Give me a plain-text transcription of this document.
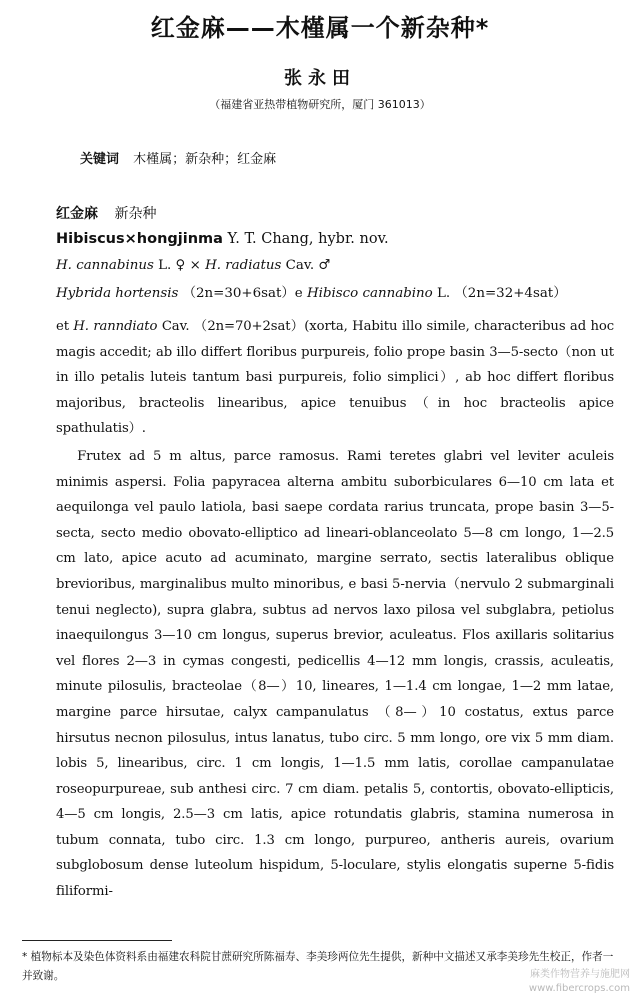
红金麻——木槿属一个新杂种*
张永田
（福建省亚热带植物研究所，厦门 361013）
关键词 木槿属；新杂种；红金麻
红金麻 新杂种
Hibiscus×hongjinma Y. T. Chang, hybr. nov.
H. cannabinus L. ♀ × H. radiatus Cav. ♂
Hybrida hortensis （2n=30+6sat）e Hibisco cannabino L. （2n=32+4sat）

et H. ranndiato Cav. （2n=70+2sat）(xorta, Habitu illo simile, characteribus ad hoc magis accedit; ab illo differt floribus purpureis, folio prope basin 3—5-secto（non ut in illo petalis luteis tantum basi purpureis, folio simplici）, ab hoc differt floribus majoribus, bracteolis linearibus, apice tenuibus（in hoc bracteolis apice spathulatis）.

Frutex ad 5 m altus, parce ramosus. Rami teretes glabri vel leviter aculeis minimis aspersi. Folia papyracea alterna ambitu suborbiculares 6—10 cm lata et aequilonga vel paulo latiola, basi saepe cordata rarius truncata, prope basin 3—5-secta, secto medio obovato-elliptico ad lineari-oblanceolato 5—8 cm longo, 1—2.5 cm lato, apice acuto ad acuminato, margine serrato, sectis lateralibus oblique brevioribus, marginalibus multo minoribus, e basi 5-nervia（nervulo 2 submarginali tenui neglecto), supra glabra, subtus ad nervos laxo pilosa vel subglabra, petiolus inaequilongus 3—10 cm longus, superus brevior, aculeatus. Flos axillaris solitarius vel flores 2—3 in cymas congesti, pedicellis 4—12 mm longis, crassis, aculeatis, minute pilosulis, bracteolae（8—）10, lineares, 1—1.4 cm longae, 1—2 mm latae, margine parce hirsutae, calyx campanulatus （8—）10 costatus, extus parce hirsutus necnon pilosulus, intus lanatus, tubo circ. 5 mm longo, ore vix 5 mm diam. lobis 5, linearibus, circ. 1 cm longis, 1—1.5 mm latis, corollae campanulatae roseopurpureae, sub anthesi circ. 7 cm diam. petalis 5, contortis, obovato-ellipticis, 4—5 cm longis, 2.5—3 cm latis, apice rotundatis glabris, stamina numerosa in tubum connata, tubo circ. 1.3 cm longo, purpureo, antheris aureis, ovarium subglobosum dense luteolum hispidum, 5-loculare, stylis elongatis superne 5-fidis filiformi-

* 植物标本及染色体资料系由福建农科院甘蔗研究所陈福寿、李美珍两位先生提供，新种中文描述又承李美珍先生校正，作者一并致谢。	麻类作物营养与施肥网
www.fibercrops.com
